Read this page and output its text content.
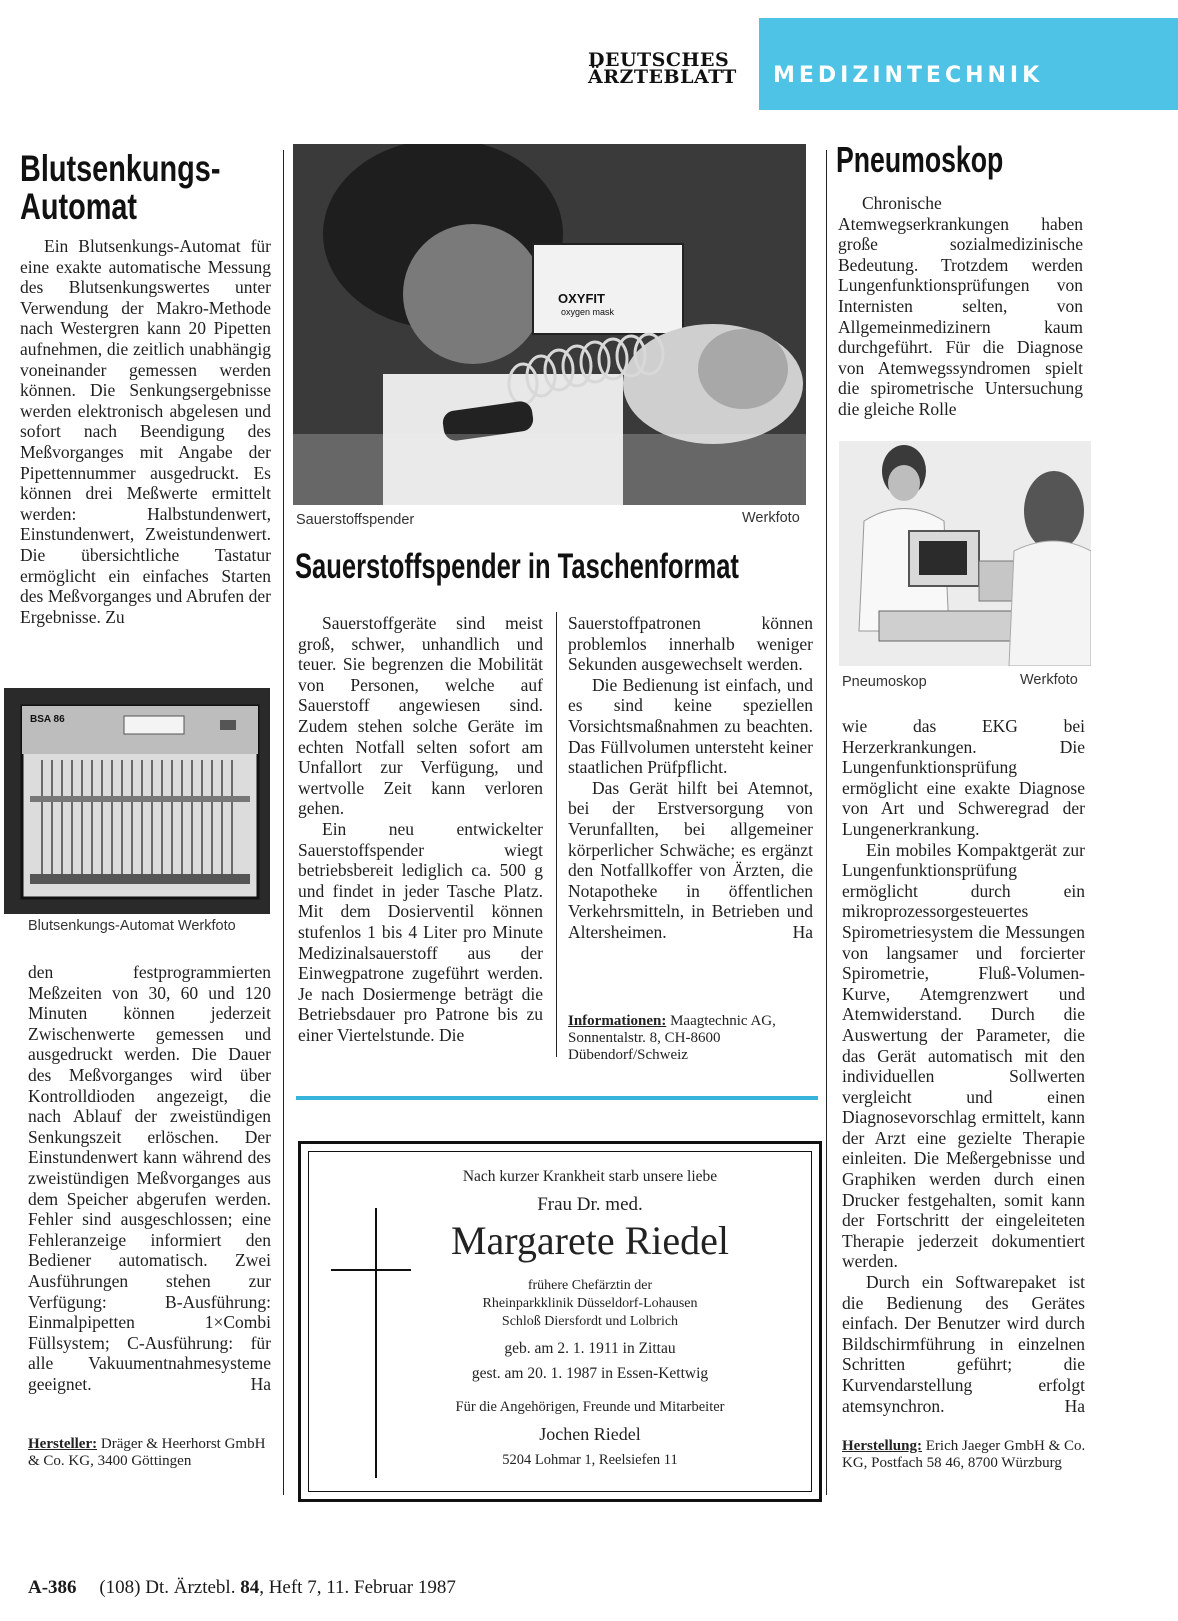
DEUTSCHES
ÄRZTEBLATT	MEDIZINTECHNIK
Blutsenkungs-
Automat
Ein Blutsenkungs-Automat für eine exakte automatische Messung des Blutsenkungswertes unter Verwendung der Makro-Methode nach Westergren kann 20 Pipetten aufnehmen, die zeitlich unabhängig voneinander gemessen werden können. Die Senkungsergebnisse werden elektronisch abgelesen und sofort nach Beendigung des Meßvorganges mit Angabe der Pipettennummer ausgedruckt. Es können drei Meßwerte ermittelt werden: Halbstundenwert, Einstundenwert, Zweistundenwert. Die übersichtliche Tastatur ermöglicht ein einfaches Starten des Meßvorganges und Abrufen der Ergebnisse. Zu
BSA 86
Blutsenkungs-Automat Werkfoto
den festprogrammierten Meßzeiten von 30, 60 und 120 Minuten können jederzeit Zwischenwerte gemessen und ausgedruckt werden. Die Dauer des Meßvorganges wird über Kontrolldioden angezeigt, die nach Ablauf der zweistündigen Senkungszeit erlöschen. Der Einstundenwert kann während des zweistündigen Meßvorganges aus dem Speicher abgerufen werden. Fehler sind ausgeschlossen; eine Fehleranzeige informiert den Bediener automatisch. Zwei Ausführungen stehen zur Verfügung: B-Ausführung: Einmalpipetten 1×Combi Füllsystem; C-Ausführung: für alle Vakuumentnahmesysteme geeignet.	Ha
Hersteller: Dräger & Heerhorst GmbH & Co. KG, 3400 Göttingen
OXYFIT
oxygen mask
Sauerstoffspender	Werkfoto
Sauerstoffspender in Taschenformat

Sauerstoffgeräte sind meist groß, schwer, unhandlich und teuer. Sie begrenzen die Mobilität von Personen, welche auf Sauerstoff angewiesen sind. Zudem stehen solche Geräte im echten Notfall selten sofort am Unfallort zur Verfügung, und wertvolle Zeit kann verloren gehen.

Ein neu entwickelter Sauerstoffspender wiegt betriebsbereit lediglich ca. 500 g und findet in jeder Tasche Platz. Mit dem Dosierventil können stufenlos 1 bis 4 Liter pro Minute Medizinalsauerstoff aus der Einwegpatrone zugeführt werden. Je nach Dosiermenge beträgt die Betriebsdauer pro Patrone bis zu einer Viertelstunde. Die

Sauerstoffpatronen können problemlos innerhalb weniger Sekunden ausgewechselt werden.

Die Bedienung ist einfach, und es sind keine speziellen Vorsichtsmaßnahmen zu beachten. Das Füllvolumen untersteht keiner staatlichen Prüfpflicht.

Das Gerät hilft bei Atemnot, bei der Erstversorgung von Verunfallten, bei allgemeiner körperlicher Schwäche; es ergänzt den Notfallkoffer von Ärzten, die Notapotheke in öffentlichen Verkehrsmitteln, in Betrieben und Altersheimen.	Ha

Informationen: Maagtechnic AG, Sonnentalstr. 8, CH-8600 Dübendorf/Schweiz
Nach kurzer Krankheit starb unsere liebe
Frau Dr. med.
Margarete Riedel
frühere Chefärztin der
Rheinparkklinik Düsseldorf-Lohausen
Schloß Diersfordt und Lolbrich
geb. am 2. 1. 1911 in Zittau
gest. am 20. 1. 1987 in Essen-Kettwig
Für die Angehörigen, Freunde und Mitarbeiter
Jochen Riedel
5204 Lohmar 1, Reelsiefen 11
Pneumoskop
Chronische Atemwegserkrankungen haben große sozialmedizinische Bedeutung. Trotzdem werden Lungenfunktionsprüfungen von Internisten selten, von Allgemeinmedizinern kaum durchgeführt. Für die Diagnose von Atemwegssyndromen spielt die spirometrische Untersuchung die gleiche Rolle
Pneumoskop	Werkfoto

wie das EKG bei Herzerkrankungen. Die Lungenfunktionsprüfung ermöglicht eine exakte Diagnose von Art und Schweregrad der Lungenerkrankung.

Ein mobiles Kompaktgerät zur Lungenfunktionsprüfung ermöglicht durch ein mikroprozessorgesteuertes Spirometriesystem die Messungen von langsamer und forcierter Spirometrie, Fluß-Volumen-Kurve, Atemgrenzwert und Atemwiderstand. Durch die Auswertung der Parameter, die das Gerät automatisch mit den individuellen Sollwerten vergleicht und einen Diagnosevorschlag ermittelt, kann der Arzt eine gezielte Therapie einleiten. Die Meßergebnisse und Graphiken werden durch einen Drucker festgehalten, somit kann der Fortschritt der eingeleiteten Therapie jederzeit dokumentiert werden.

Durch ein Softwarepaket ist die Bedienung des Gerätes einfach. Der Benutzer wird durch Bildschirmführung in einzelnen Schritten geführt; die Kurvendarstellung erfolgt atemsynchron.	Ha

Herstellung: Erich Jaeger GmbH & Co. KG, Postfach 58 46, 8700 Würzburg
A-386 (108) Dt. Ärztebl. 84, Heft 7, 11. Februar 1987
